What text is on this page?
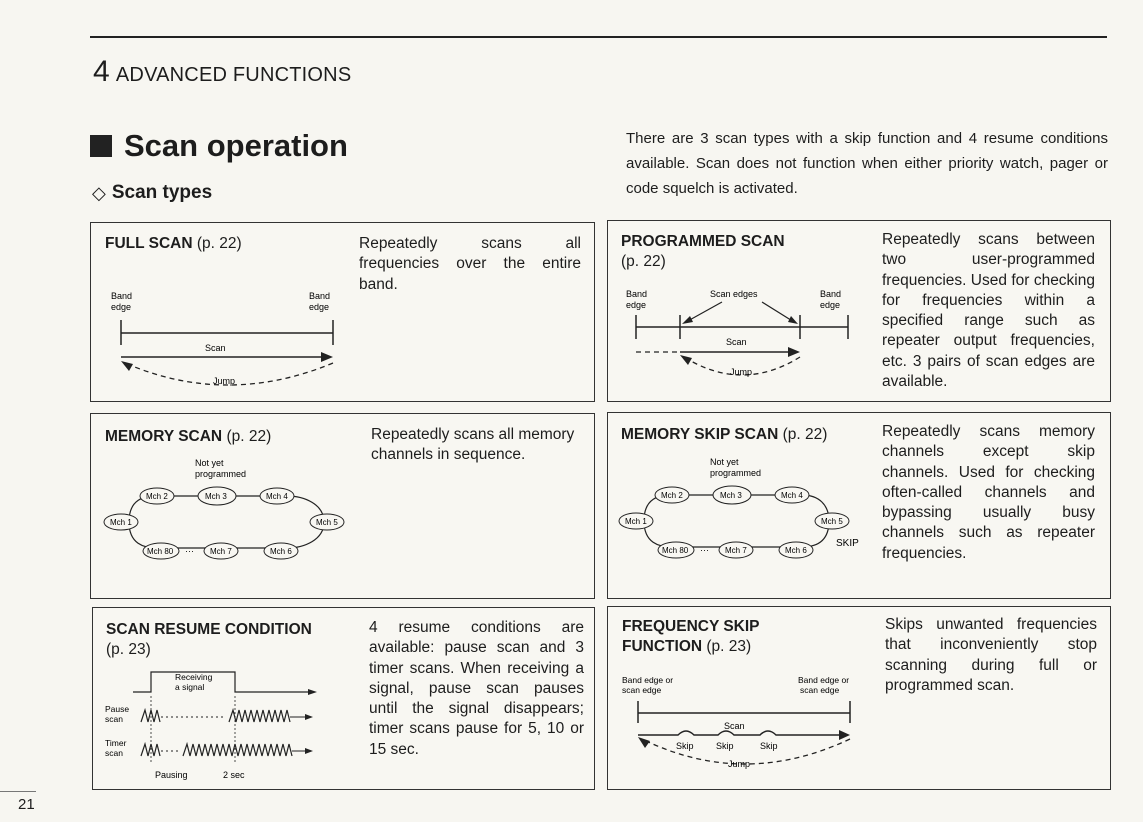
4 ADVANCED FUNCTIONS
Scan operation
◇ Scan types
There are 3 scan types with a skip function and 4 resume conditions available. Scan does not function when either priority watch, pager or code squelch is activated.
FULL SCAN (p. 22)	Repeatedly scans all frequencies over the entire band.
Band
edge
Band
edge
Scan
Jump
PROGRAMMED SCAN
(p. 22)
Repeatedly scans between two user-programmed frequencies. Used for checking for frequencies within a specified range such as repeater output frequencies, etc. 3 pairs of scan edges are available.
Band
edge
Band
edge
Scan edges
Scan
Jump
MEMORY SCAN (p. 22)	Repeatedly scans all memory channels in sequence.
Not yet
programmed
Mch 2	Mch 3	Mch 4
Mch 1	Mch 5
Mch 80 ··· Mch 7	Mch 6
MEMORY SKIP SCAN (p. 22)	Repeatedly scans memory channels except skip channels. Used for checking often-called channels and bypassing usually busy channels such as repeater frequencies.
Not yet
programmed
Mch 2	Mch 3	Mch 4
Mch 1	Mch 5
SKIP
Mch 80 ··· Mch 7	Mch 6
SCAN RESUME CONDITION
(p. 23)
4 resume conditions are available: pause scan and 3 timer scans. When receiving a signal, pause scan pauses until the signal disappears; timer scans pause for 5, 10 or 15 sec.
Receiving
a signal
Pause
scan
Timer
scan
Pausing	2 sec
FREQUENCY SKIP
FUNCTION (p. 23)
Skips unwanted frequencies that inconveniently stop scanning during full or programmed scan.
Band edge or
scan edge
Band edge or
scan edge
Scan
Skip Skip	Skip
Jump
21
